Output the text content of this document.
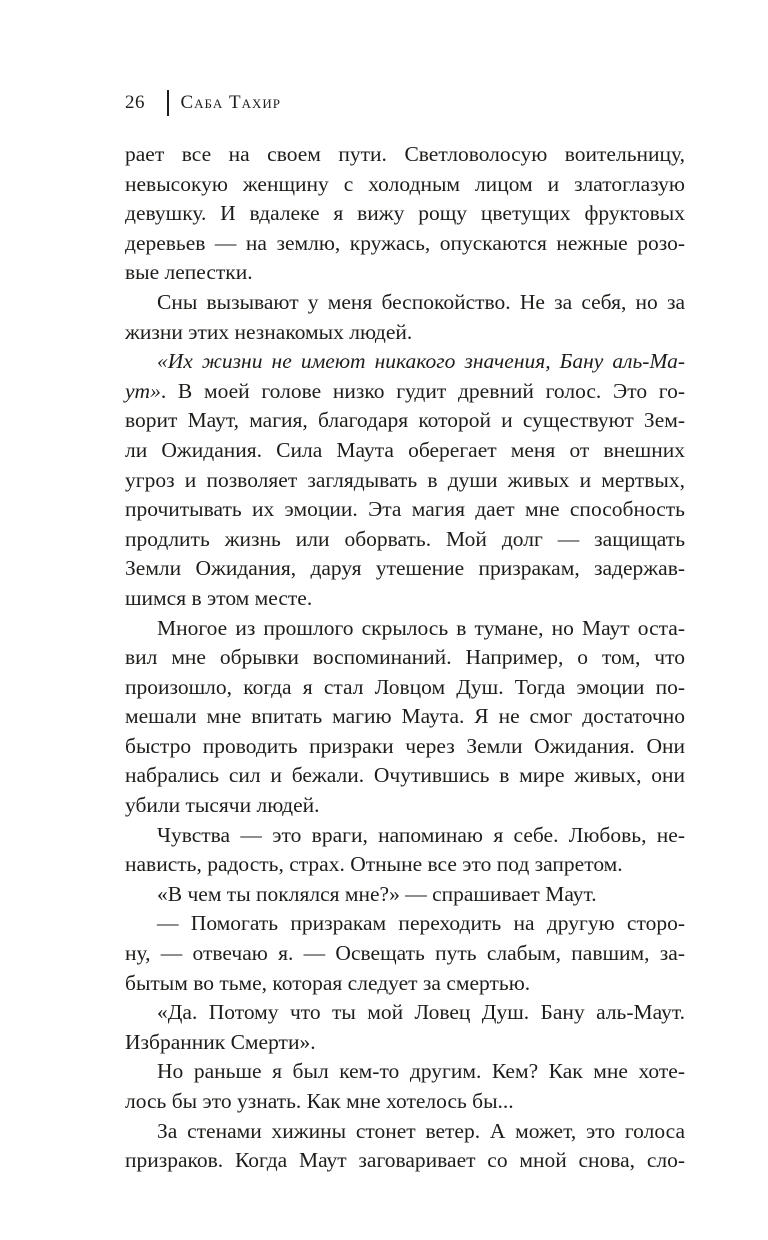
26	Саба Тахир
рает все на своем пути. Светловолосую воительницу,
невысокую женщину с холодным лицом и златоглазую
девушку. И вдалеке я вижу рощу цветущих фруктовых
деревьев — на землю, кружась, опускаются нежные розо-
вые лепестки.
Сны вызывают у меня беспокойство. Не за себя, но за
жизни этих незнакомых людей.
«Их жизни не имеют никакого значения, Бану аль-Ма-
ут». В моей голове низко гудит древний голос. Это го-
ворит Маут, магия, благодаря которой и существуют Зем-
ли Ожидания. Сила Маута оберегает меня от внешних
угроз и позволяет заглядывать в души живых и мертвых,
прочитывать их эмоции. Эта магия дает мне способность
продлить жизнь или оборвать. Мой долг — защищать
Земли Ожидания, даруя утешение призракам, задержав-
шимся в этом месте.
Многое из прошлого скрылось в тумане, но Маут оста-
вил мне обрывки воспоминаний. Например, о том, что
произошло, когда я стал Ловцом Душ. Тогда эмоции по-
мешали мне впитать магию Маута. Я не смог достаточно
быстро проводить призраки через Земли Ожидания. Они
набрались сил и бежали. Очутившись в мире живых, они
убили тысячи людей.
Чувства — это враги, напоминаю я себе. Любовь, не-
нависть, радость, страх. Отныне все это под запретом.
«В чем ты поклялся мне?» — спрашивает Маут.
— Помогать призракам переходить на другую сторо-
ну, — отвечаю я. — Освещать путь слабым, павшим, за-
бытым во тьме, которая следует за смертью.
«Да. Потому что ты мой Ловец Душ. Бану аль-Маут.
Избранник Смерти».
Но раньше я был кем-то другим. Кем? Как мне хоте-
лось бы это узнать. Как мне хотелось бы...
За стенами хижины стонет ветер. А может, это голоса
призраков. Когда Маут заговаривает со мной снова, сло-
